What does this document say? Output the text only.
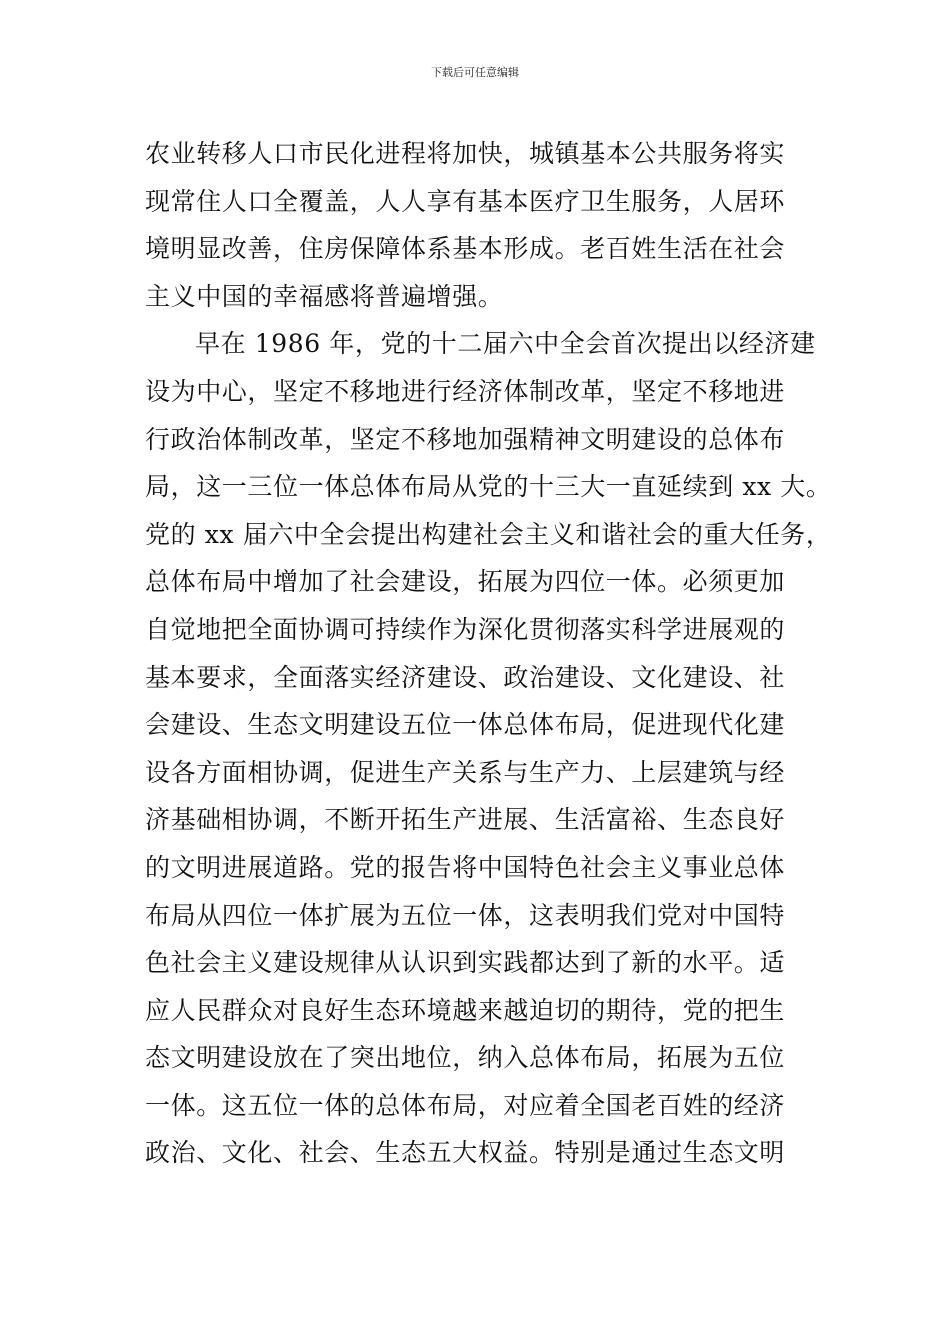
下载后可任意编辑
农业转移人口市民化进程将加快，城镇基本公共服务将实
现常住人口全覆盖，人人享有基本医疗卫生服务，人居环
境明显改善，住房保障体系基本形成。老百姓生活在社会
主义中国的幸福感将普遍增强。
早在 1986 年，党的十二届六中全会首次提出以经济建
设为中心，坚定不移地进行经济体制改革，坚定不移地进
行政治体制改革，坚定不移地加强精神文明建设的总体布
局，这一三位一体总体布局从党的十三大一直延续到 xx 大。
党的 xx 届六中全会提出构建社会主义和谐社会的重大任务，
总体布局中增加了社会建设，拓展为四位一体。必须更加
自觉地把全面协调可持续作为深化贯彻落实科学进展观的
基本要求，全面落实经济建设、政治建设、文化建设、社
会建设、生态文明建设五位一体总体布局，促进现代化建
设各方面相协调，促进生产关系与生产力、上层建筑与经
济基础相协调，不断开拓生产进展、生活富裕、生态良好
的文明进展道路。党的报告将中国特色社会主义事业总体
布局从四位一体扩展为五位一体，这表明我们党对中国特
色社会主义建设规律从认识到实践都达到了新的水平。适
应人民群众对良好生态环境越来越迫切的期待，党的把生
态文明建设放在了突出地位，纳入总体布局，拓展为五位
一体。这五位一体的总体布局，对应着全国老百姓的经济
政治、文化、社会、生态五大权益。特别是通过生态文明
